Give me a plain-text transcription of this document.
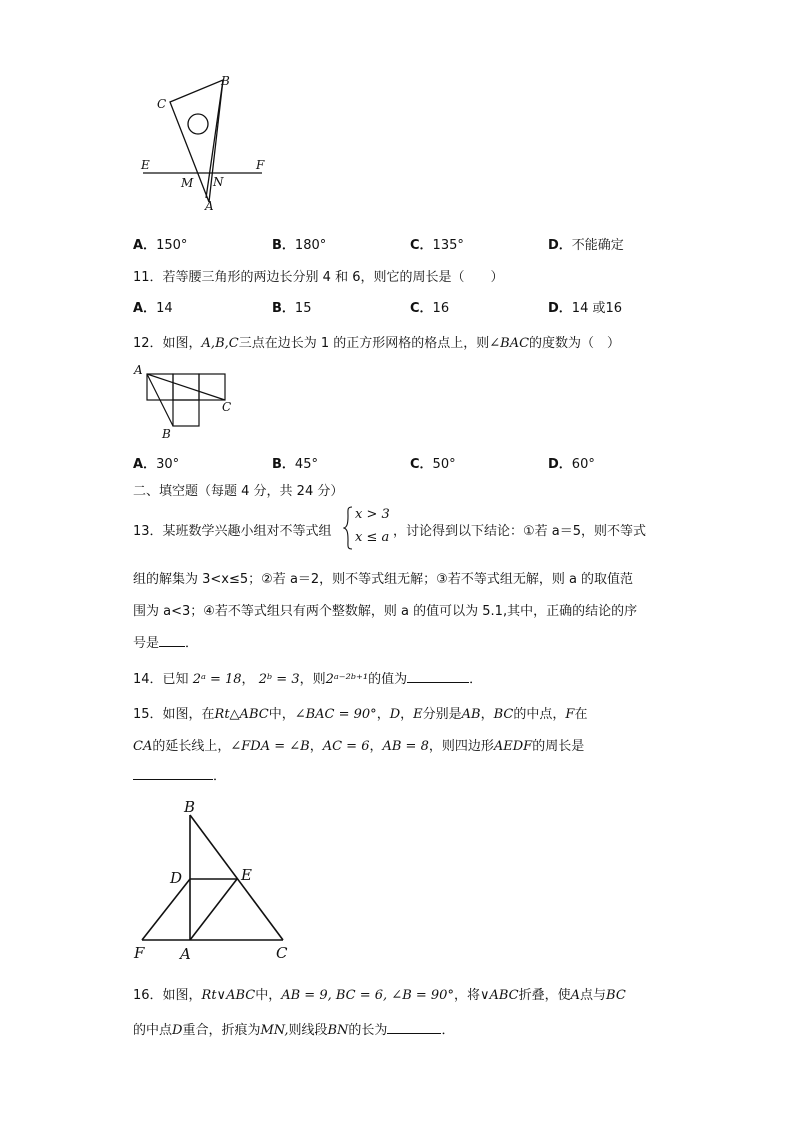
C
B
E	F
M N
A
A．150°	B．180°	C．135°	D．不能确定
11．若等腰三角形的两边长分别 4 和 6，则它的周长是（　　）
A．14	B．15	C．16	D．14 或16
12．如图，A,B,C三点在边长为 1 的正方形网格的格点上，则∠BAC的度数为（　）
A
C
B
A．30°	B．45°	C．50°	D．60°
二、填空题（每题 4 分，共 24 分）
13．某班数学兴趣小组对不等式组
x > 3
x ≤ a ，讨论得到以下结论：①若 a＝5，则不等式
组的解集为 3<x≤5；②若 a＝2，则不等式组无解；③若不等式组无解，则 a 的取值范
围为 a<3；④若不等式组只有两个整数解，则 a 的值可以为 5.1,其中，正确的结论的序
号是 ．
14．已知 2ᵃ = 18， 2ᵇ = 3，则2ᵃ⁻²ᵇ⁺¹的值为	．
15．如图，在Rt△ABC中，∠BAC = 90°，D，E分别是AB，BC的中点，F在
CA的延长线上，∠FDA = ∠B，AC = 6，AB = 8，则四边形AEDF的周长是
．
B
D	E
F A	C
16．如图，Rt∨ABC中，AB = 9, BC = 6, ∠B = 90°，将∨ABC折叠，使A点与BC
的中点D重合，折痕为MN,则线段BN的长为	．
